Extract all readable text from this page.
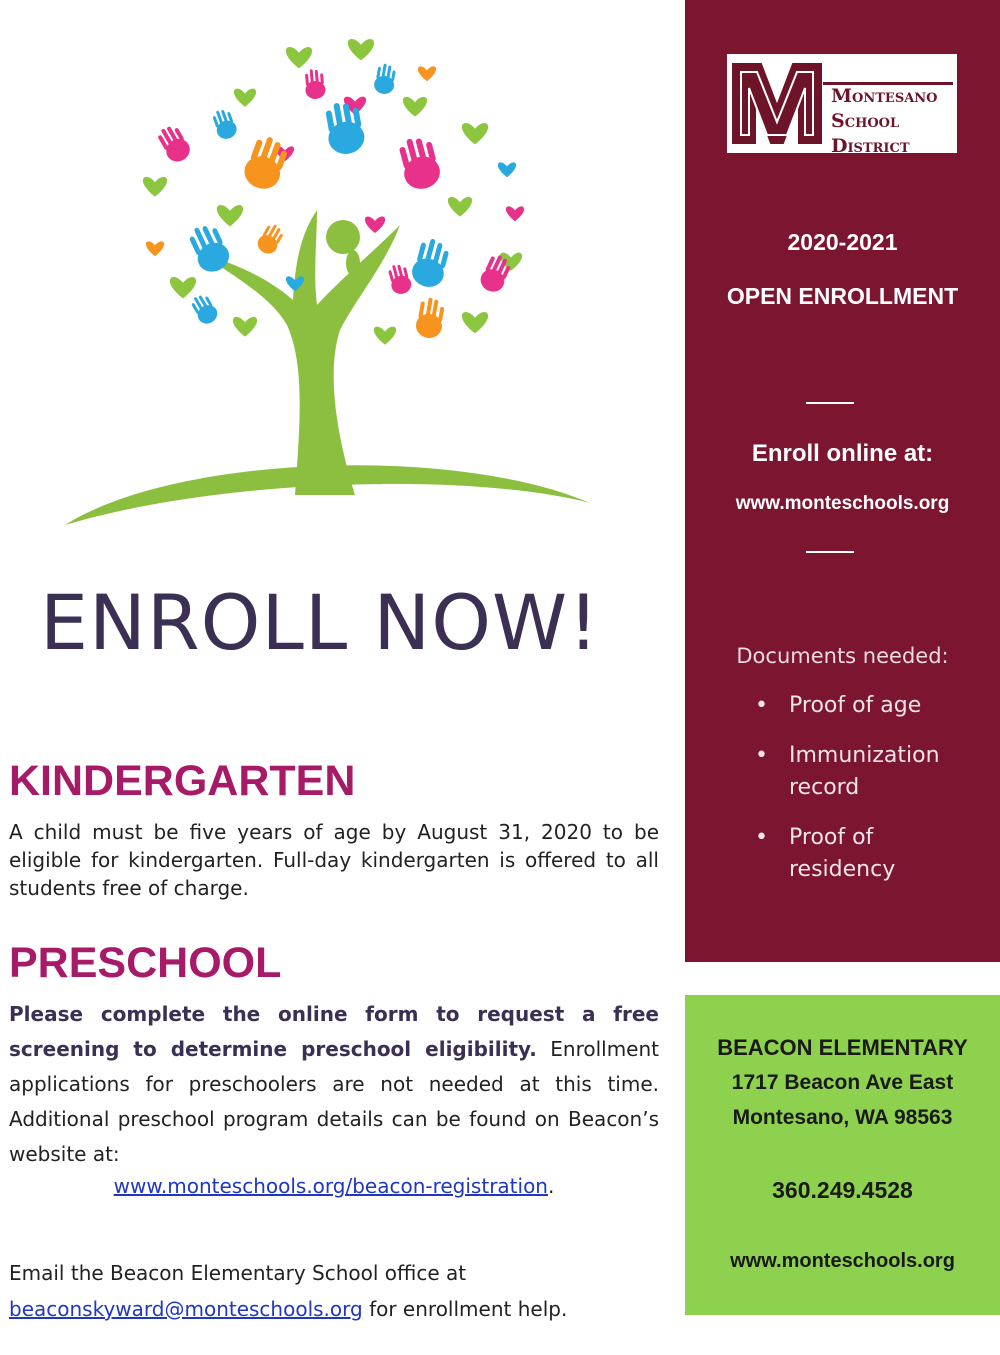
ENROLL NOW!
KINDERGARTEN

A child must be five years of age by August 31, 2020 to be eligible for kindergarten. Full-day kindergarten is offered to all students free of charge.

PRESCHOOL

Please complete the online form to request a free screening to determine preschool eligibility. Enrollment applications for preschoolers are not needed at this time. Additional preschool program details can be found on Beacon’s website at:

www.monteschools.org/beacon-registration.

Email the Beacon Elementary School office at
beaconskyward@monteschools.org for enrollment help.

Montesano
School
District

2020-2021

OPEN ENROLLMENT

Enroll online at:

www.monteschools.org

Documents needed:

• Proof of age
• Immunization record
• Proof of residency

BEACON ELEMENTARY

1717 Beacon Ave East

Montesano, WA 98563

360.249.4528

www.monteschools.org
